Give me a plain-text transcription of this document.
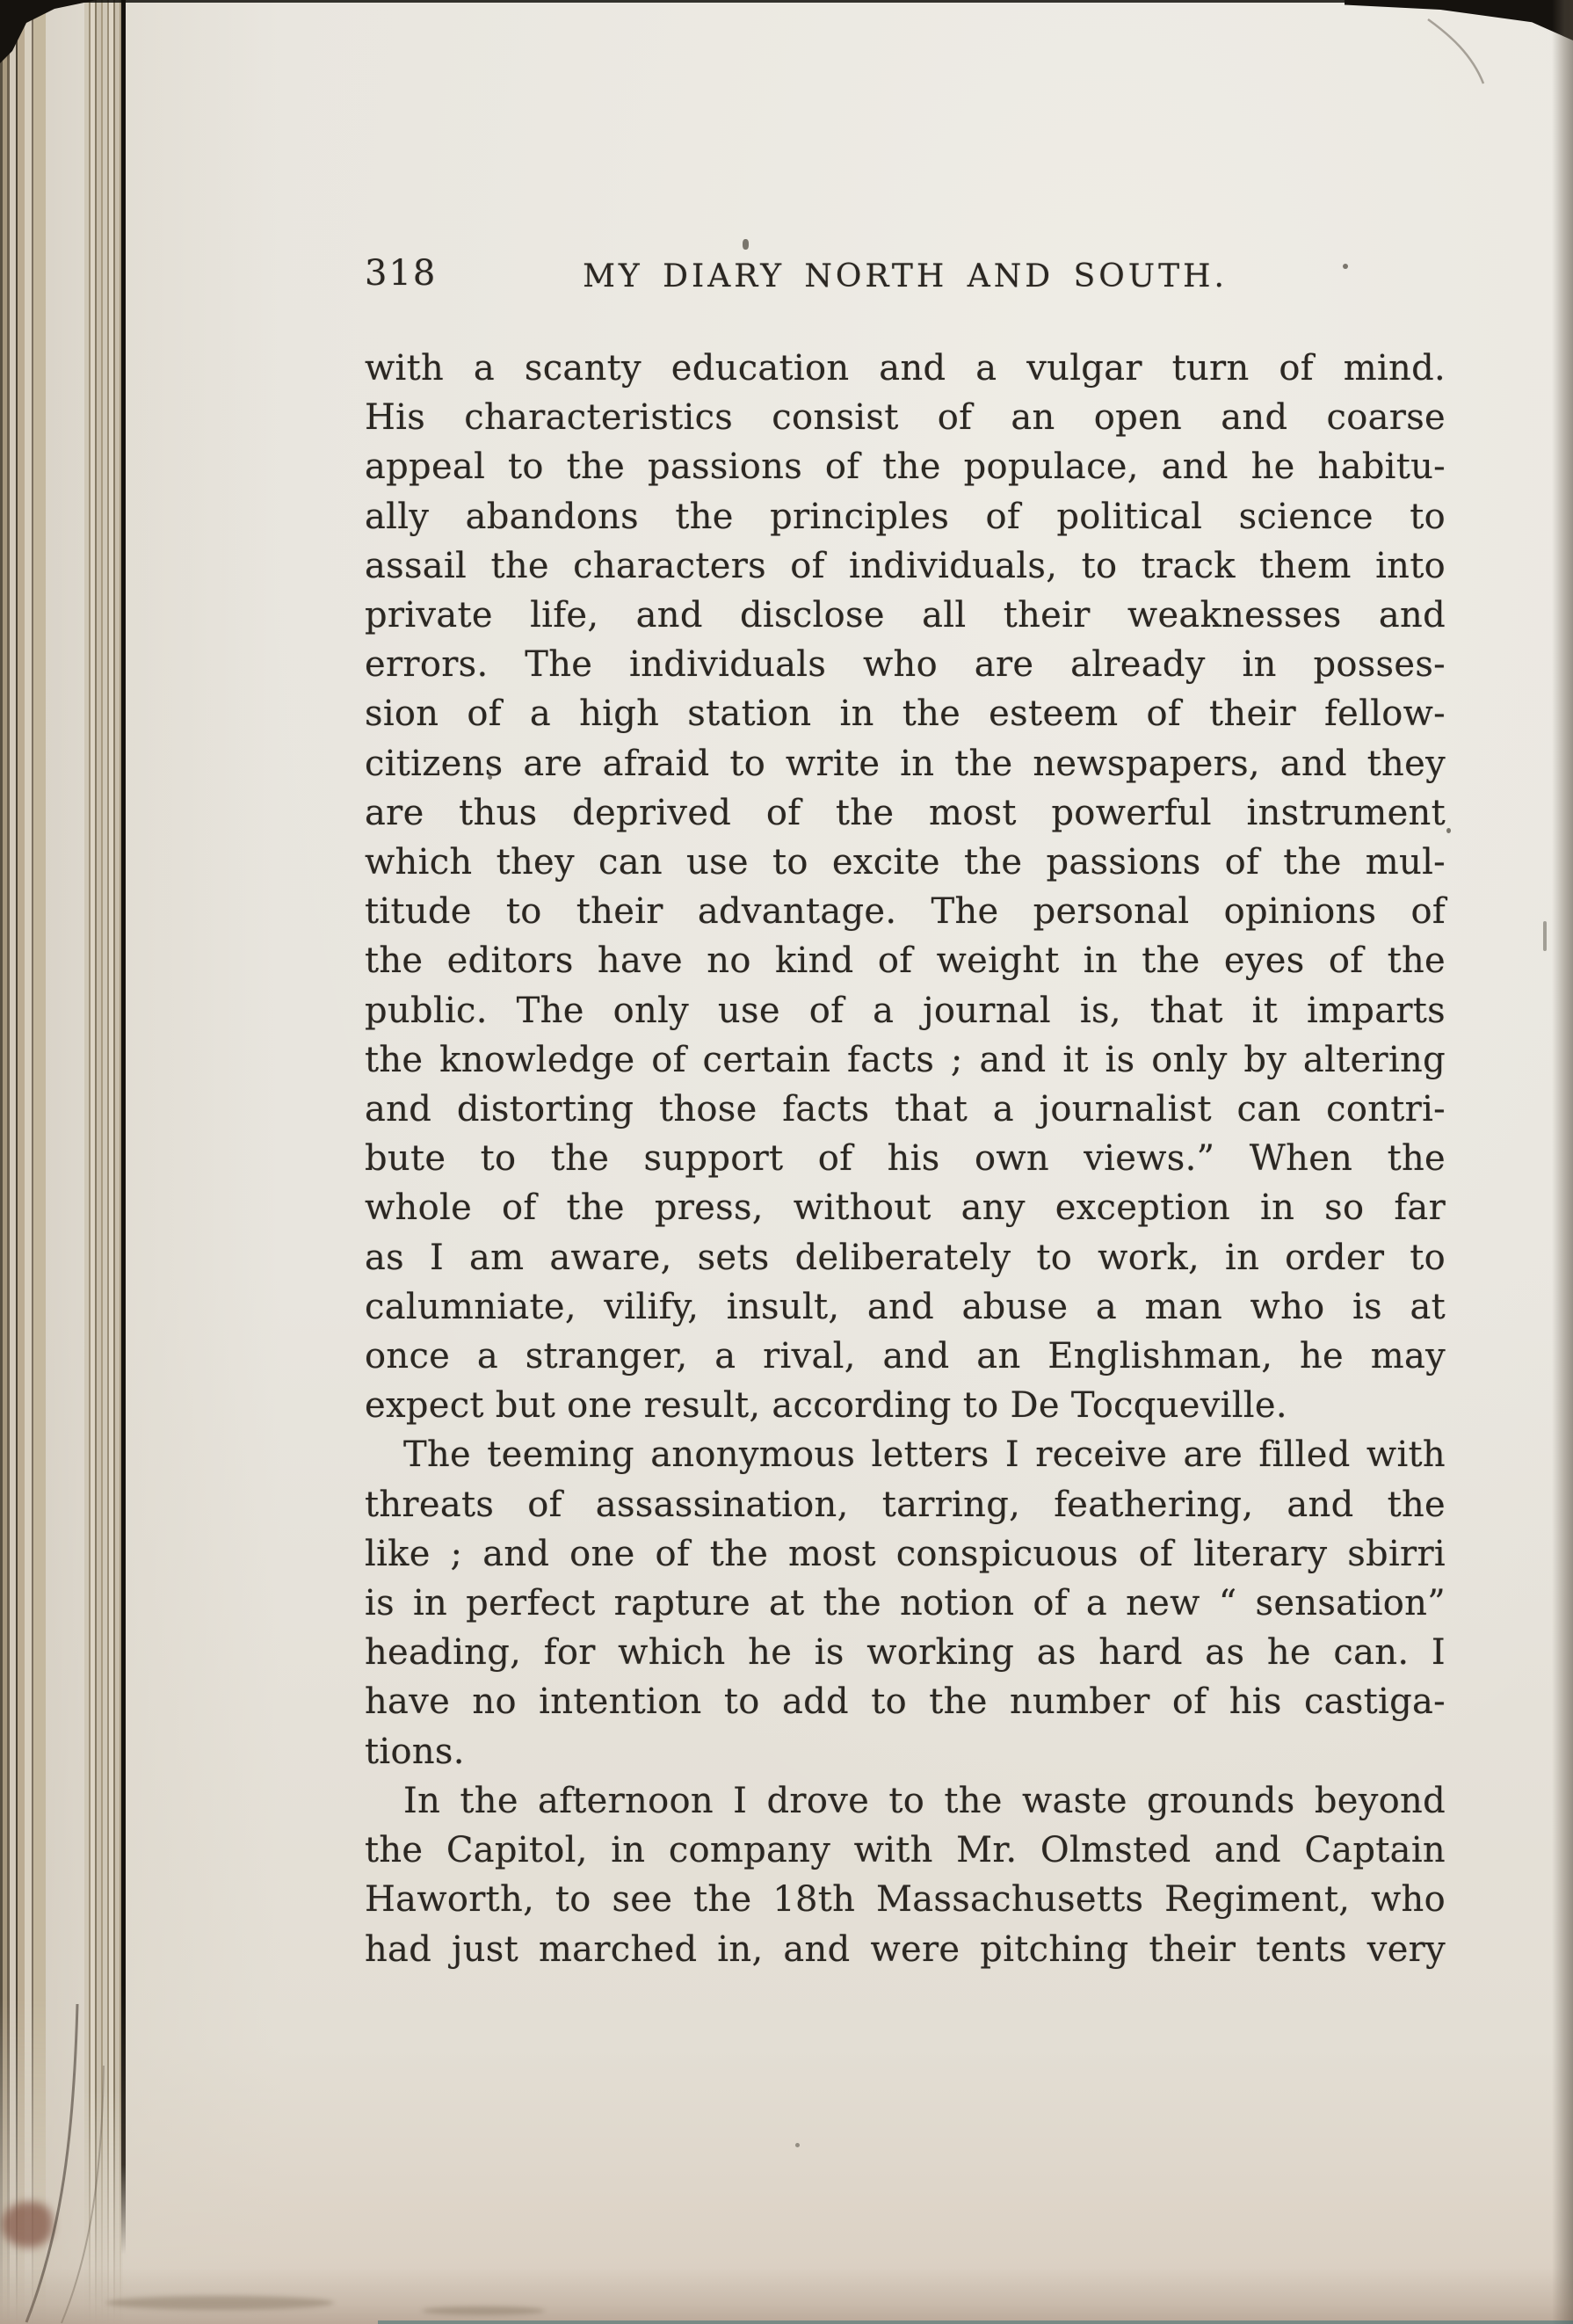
318	MY DIARY NORTH AND SOUTH.
with a scanty education and a vulgar turn of mind.
His characteristics consist of an open and coarse
appeal to the passions of the populace, and he habitu-
ally abandons the principles of political science to
assail the characters of individuals, to track them into
private life, and disclose all their weaknesses and
errors. The individuals who are already in posses-
sion of a high station in the esteem of their fellow-
citizens are afraid to write in the newspapers, and they
are thus deprived of the most powerful instrument
which they can use to excite the passions of the mul-
titude to their advantage. The personal opinions of
the editors have no kind of weight in the eyes of the
public. The only use of a journal is, that it imparts
the knowledge of certain facts ; and it is only by altering
and distorting those facts that a journalist can contri-
bute to the support of his own views.” When the
whole of the press, without any exception in so far
as I am aware, sets deliberately to work, in order to
calumniate, vilify, insult, and abuse a man who is at
once a stranger, a rival, and an Englishman, he may
expect but one result, according to De Tocqueville.
The teeming anonymous letters I receive are filled with
threats of assassination, tarring, feathering, and the
like ; and one of the most conspicuous of literary sbirri
is in perfect rapture at the notion of a new “ sensation”
heading, for which he is working as hard as he can. I
have no intention to add to the number of his castiga-
tions.
In the afternoon I drove to the waste grounds beyond
the Capitol, in company with Mr. Olmsted and Captain
Haworth, to see the 18th Massachusetts Regiment, who
had just marched in, and were pitching their tents very
